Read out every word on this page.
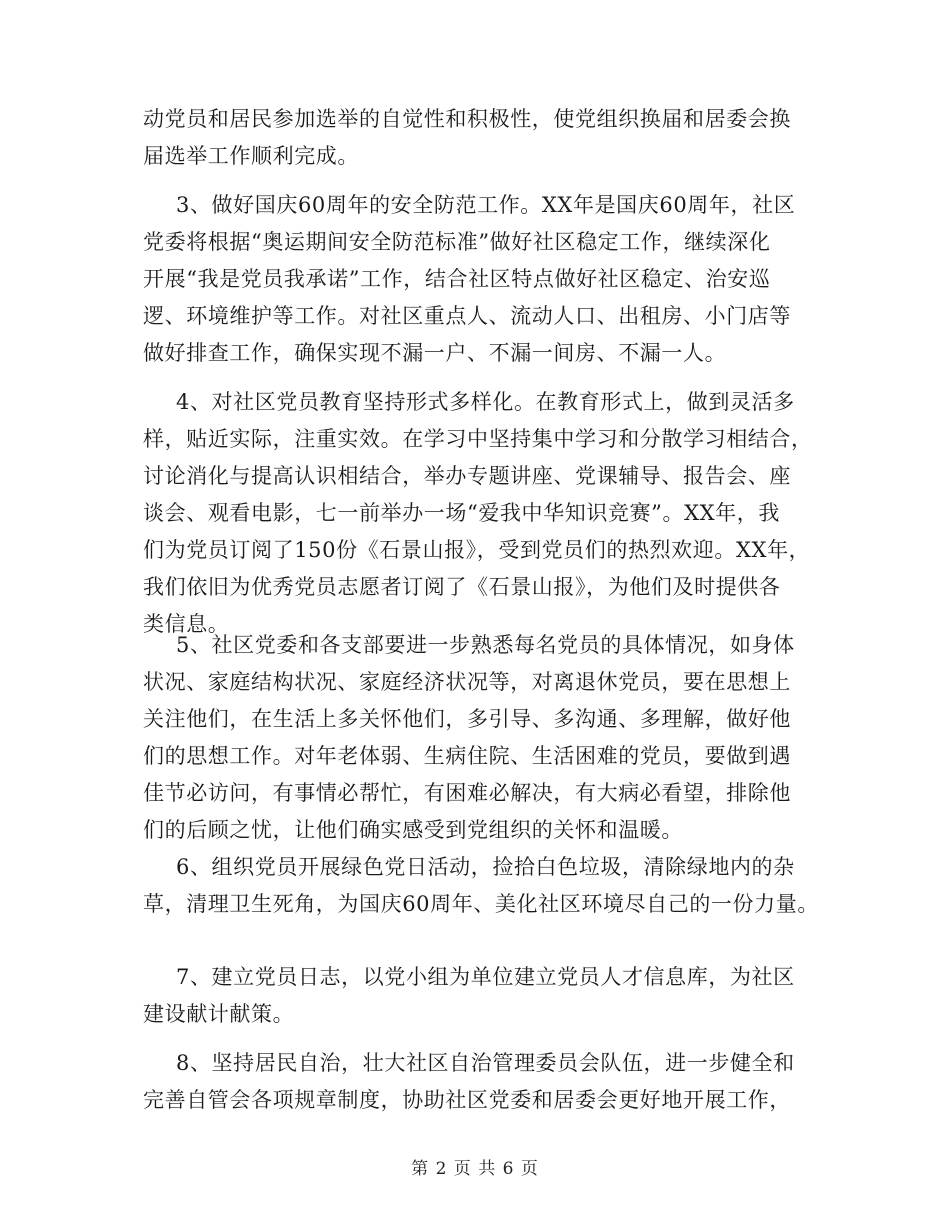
动党员和居民参加选举的自觉性和积极性，使党组织换届和居委会换
届选举工作顺利完成。
3、做好国庆60周年的安全防范工作。XX年是国庆60周年，社区
党委将根据“奥运期间安全防范标准”做好社区稳定工作，继续深化
开展“我是党员我承诺”工作，结合社区特点做好社区稳定、治安巡
逻、环境维护等工作。对社区重点人、流动人口、出租房、小门店等
做好排查工作，确保实现不漏一户、不漏一间房、不漏一人。
4、对社区党员教育坚持形式多样化。在教育形式上，做到灵活多
样，贴近实际，注重实效。在学习中坚持集中学习和分散学习相结合，
讨论消化与提高认识相结合，举办专题讲座、党课辅导、报告会、座
谈会、观看电影，七一前举办一场“爱我中华知识竞赛”。XX年，我
们为党员订阅了150份《石景山报》，受到党员们的热烈欢迎。XX年，
我们依旧为优秀党员志愿者订阅了《石景山报》，为他们及时提供各
类信息。
5、社区党委和各支部要进一步熟悉每名党员的具体情况，如身体
状况、家庭结构状况、家庭经济状况等，对离退休党员，要在思想上
关注他们，在生活上多关怀他们，多引导、多沟通、多理解，做好他
们的思想工作。对年老体弱、生病住院、生活困难的党员，要做到遇
佳节必访问，有事情必帮忙，有困难必解决，有大病必看望，排除他
们的后顾之忧，让他们确实感受到党组织的关怀和温暖。
6、组织党员开展绿色党日活动，捡拾白色垃圾，清除绿地内的杂
草，清理卫生死角，为国庆60周年、美化社区环境尽自己的一份力量。
7、建立党员日志，以党小组为单位建立党员人才信息库，为社区
建设献计献策。
8、坚持居民自治，壮大社区自治管理委员会队伍，进一步健全和
完善自管会各项规章制度，协助社区党委和居委会更好地开展工作，
第 2 页 共 6 页
